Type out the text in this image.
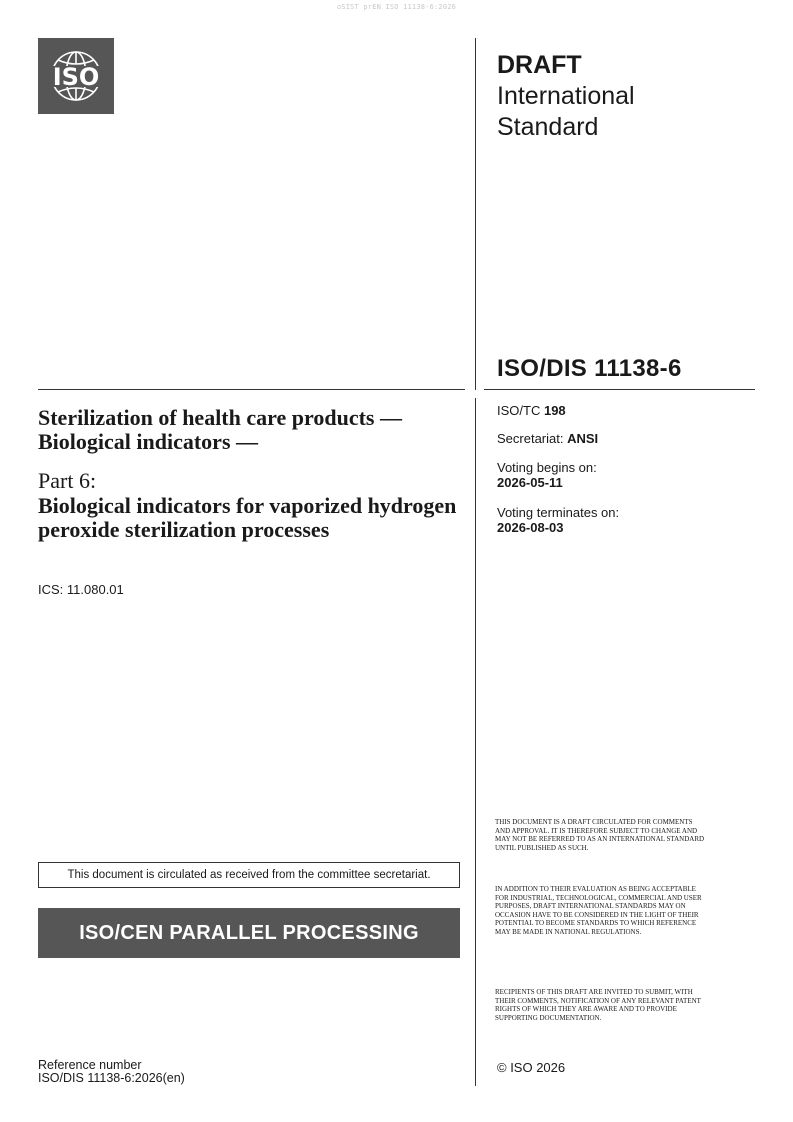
oSIST prEN ISO 11138-6:2026
ISO	DRAFT
International
Standard
ISO/DIS 11138-6
ISO/TC 198
Secretariat: ANSI
Voting begins on:
2026-05-11
Voting terminates on:
2026-08-03
Sterilization of health care products — Biological indicators —
Part 6:
Biological indicators for vaporized hydrogen peroxide sterilization processes
ICS: 11.080.01
This document is circulated as received from the committee secretariat.
ISO/CEN PARALLEL PROCESSING
THIS DOCUMENT IS A DRAFT CIRCULATED FOR COMMENTS AND APPROVAL. IT IS THEREFORE SUBJECT TO CHANGE AND MAY NOT BE REFERRED TO AS AN INTERNATIONAL STANDARD UNTIL PUBLISHED AS SUCH.
IN ADDITION TO THEIR EVALUATION AS BEING ACCEPTABLE FOR INDUSTRIAL, TECHNOLOGICAL, COMMERCIAL AND USER PURPOSES, DRAFT INTERNATIONAL STANDARDS MAY ON OCCASION HAVE TO BE CONSIDERED IN THE LIGHT OF THEIR POTENTIAL TO BECOME STANDARDS TO WHICH REFERENCE MAY BE MADE IN NATIONAL REGULATIONS.
RECIPIENTS OF THIS DRAFT ARE INVITED TO SUBMIT, WITH THEIR COMMENTS, NOTIFICATION OF ANY RELEVANT PATENT RIGHTS OF WHICH THEY ARE AWARE AND TO PROVIDE SUPPORTING DOCUMENTATION.
© ISO 2026
Reference number
ISO/DIS 11138-6:2026(en)
